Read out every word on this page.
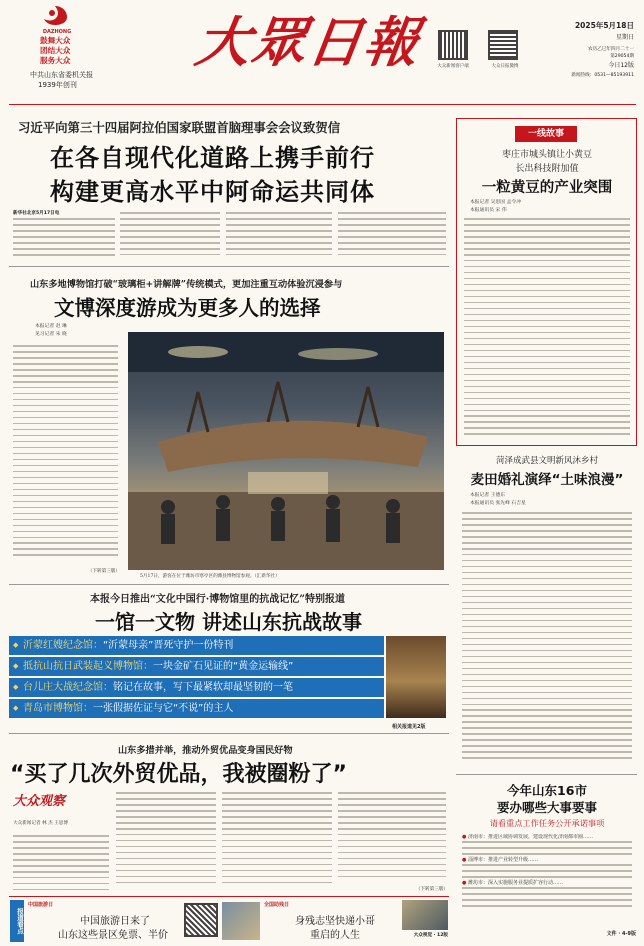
DAZHONG
鼓舞大众
团结大众
服务大众
中共山东省委机关报
1939年创刊
大眾日報	大众新闻客户端	大众日报微博
2025年5月18日
星期日
农历乙巳年四月二十一
第29054期
今日12版
新闻热线：0531—85193911
习近平向第三十四届阿拉伯国家联盟首脑理事会会议致贺信
在各自现代化道路上携手前行
构建更高水平中阿命运共同体
新华社北京5月17日电
山东多地博物馆打破“玻璃柜+讲解牌”传统模式，更加注重互动体验沉浸参与
文博深度游成为更多人的选择
本报记者 赵 琳
见习记者 朱 晓
（下转第三版）
5月17日，游客在位于潍坊市寒亭区的潍县博物馆参观。（汇新华社）
本报今日推出“文化中国行·博物馆里的抗战记忆”特别报道
一馆一文物 讲述山东抗战故事
◆ 沂蒙红嫂纪念馆：“沂蒙母亲”晋死守护一份特刊
◆ 抵抗山抗日武装起义博物馆：一块金矿石见证的“黄金运输线”
◆ 台儿庄大战纪念馆：铭记在故事，写下最紧软却最坚韧的一笔
◆ 青岛市博物馆：一张假据佐证与它“不说”的主人
相关报道见2版
山东多措并举，推动外贸优品变身国民好物
“买了几次外贸优品，我被圈粉了”
大众观察
大众新闻记者 林 杰 王思博
（下转第三版）
一线故事
枣庄市城头镇让小黄豆
长出科技附加值
一粒黄豆的产业突围
本报记者 吴思国 孟令冲
本报通讯员 宋 伟
菏泽成武县文明新风沐乡村
麦田婚礼演绎“土味浪漫”
本报记者 王德东
本报通讯员 张先峰 石吉星
今年山东16市
要办哪些大事要事
请看重点工作任务公开承诺事项
● 济南市：推进区域协调发展，建设现代化济南都市圈……
● 淄博市：推进产业转型升级……
● 潍坊市：深入实施服务业提质扩容行动……
文件 · 4-9版
报道看点
中国旅游日
中国旅游日来了
山东这些景区免票、半价
全国助残日
身残志坚快递小哥
重启的人生	大众视觉 · 12版
